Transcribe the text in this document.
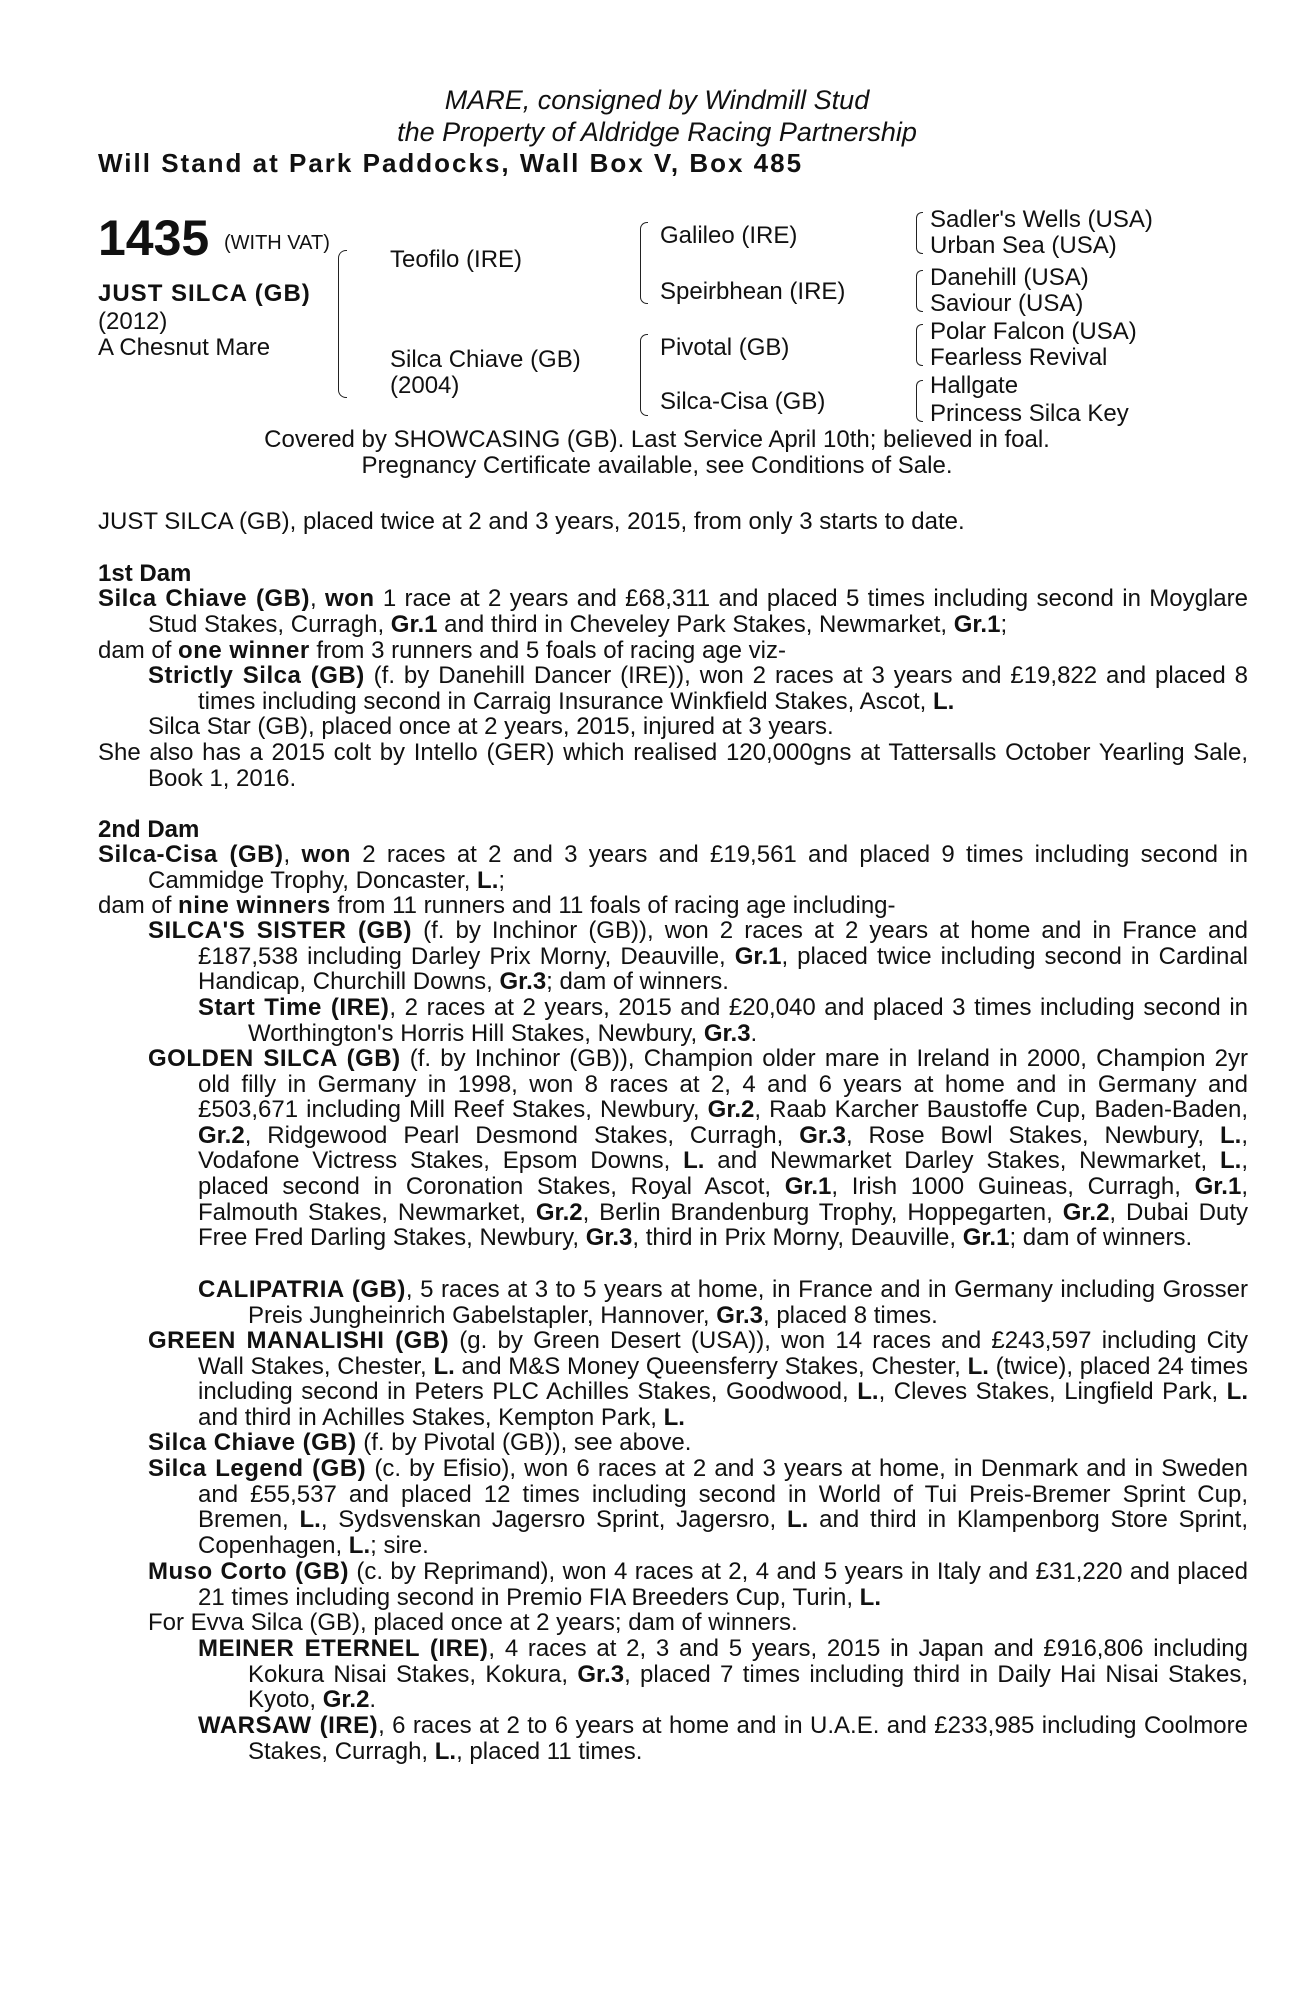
MARE, consigned by Windmill Stud
the Property of Aldridge Racing Partnership
Will Stand at Park Paddocks, Wall Box V, Box 485
1435 (WITH VAT)
JUST SILCA (GB)
(2012)
A Chesnut Mare
Teofilo (IRE)
Silca Chiave (GB)
(2004)
Galileo (IRE)
Speirbhean (IRE)
Pivotal (GB)
Silca-Cisa (GB)
Sadler's Wells (USA)
Urban Sea (USA)
Danehill (USA)
Saviour (USA)
Polar Falcon (USA)
Fearless Revival
Hallgate
Princess Silca Key
Covered by SHOWCASING (GB). Last Service April 10th; believed in foal.
Pregnancy Certificate available, see Conditions of Sale.
JUST SILCA (GB), placed twice at 2 and 3 years, 2015, from only 3 starts to date.
1st Dam
Silca Chiave (GB), won 1 race at 2 years and £68,311 and placed 5 times including second in Moyglare Stud Stakes, Curragh, Gr.1 and third in Cheveley Park Stakes, Newmarket, Gr.1;
dam of one winner from 3 runners and 5 foals of racing age viz-
Strictly Silca (GB) (f. by Danehill Dancer (IRE)), won 2 races at 3 years and £19,822 and placed 8 times including second in Carraig Insurance Winkfield Stakes, Ascot, L.
Silca Star (GB), placed once at 2 years, 2015, injured at 3 years.
She also has a 2015 colt by Intello (GER) which realised 120,000gns at Tattersalls October Yearling Sale, Book 1, 2016.
2nd Dam
Silca-Cisa (GB), won 2 races at 2 and 3 years and £19,561 and placed 9 times including second in Cammidge Trophy, Doncaster, L.;
dam of nine winners from 11 runners and 11 foals of racing age including-
SILCA'S SISTER (GB) (f. by Inchinor (GB)), won 2 races at 2 years at home and in France and £187,538 including Darley Prix Morny, Deauville, Gr.1, placed twice including second in Cardinal Handicap, Churchill Downs, Gr.3; dam of winners.
Start Time (IRE), 2 races at 2 years, 2015 and £20,040 and placed 3 times including second in Worthington's Horris Hill Stakes, Newbury, Gr.3.
GOLDEN SILCA (GB) (f. by Inchinor (GB)), Champion older mare in Ireland in 2000, Champion 2yr old filly in Germany in 1998, won 8 races at 2, 4 and 6 years at home and in Germany and £503,671 including Mill Reef Stakes, Newbury, Gr.2, Raab Karcher Baustoffe Cup, Baden-Baden, Gr.2, Ridgewood Pearl Desmond Stakes, Curragh, Gr.3, Rose Bowl Stakes, Newbury, L., Vodafone Victress Stakes, Epsom Downs, L. and Newmarket Darley Stakes, Newmarket, L., placed second in Coronation Stakes, Royal Ascot, Gr.1, Irish 1000 Guineas, Curragh, Gr.1, Falmouth Stakes, Newmarket, Gr.2, Berlin Brandenburg Trophy, Hoppegarten, Gr.2, Dubai Duty Free Fred Darling Stakes, Newbury, Gr.3, third in Prix Morny, Deauville, Gr.1; dam of winners.
CALIPATRIA (GB), 5 races at 3 to 5 years at home, in France and in Germany including Grosser Preis Jungheinrich Gabelstapler, Hannover, Gr.3, placed 8 times.
GREEN MANALISHI (GB) (g. by Green Desert (USA)), won 14 races and £243,597 including City Wall Stakes, Chester, L. and M&S Money Queensferry Stakes, Chester, L. (twice), placed 24 times including second in Peters PLC Achilles Stakes, Goodwood, L., Cleves Stakes, Lingfield Park, L. and third in Achilles Stakes, Kempton Park, L.
Silca Chiave (GB) (f. by Pivotal (GB)), see above.
Silca Legend (GB) (c. by Efisio), won 6 races at 2 and 3 years at home, in Denmark and in Sweden and £55,537 and placed 12 times including second in World of Tui Preis-Bremer Sprint Cup, Bremen, L., Sydsvenskan Jagersro Sprint, Jagersro, L. and third in Klampenborg Store Sprint, Copenhagen, L.; sire.
Muso Corto (GB) (c. by Reprimand), won 4 races at 2, 4 and 5 years in Italy and £31,220 and placed 21 times including second in Premio FIA Breeders Cup, Turin, L.
For Evva Silca (GB), placed once at 2 years; dam of winners.
MEINER ETERNEL (IRE), 4 races at 2, 3 and 5 years, 2015 in Japan and £916,806 including Kokura Nisai Stakes, Kokura, Gr.3, placed 7 times including third in Daily Hai Nisai Stakes, Kyoto, Gr.2.
WARSAW (IRE), 6 races at 2 to 6 years at home and in U.A.E. and £233,985 including Coolmore Stakes, Curragh, L., placed 11 times.
